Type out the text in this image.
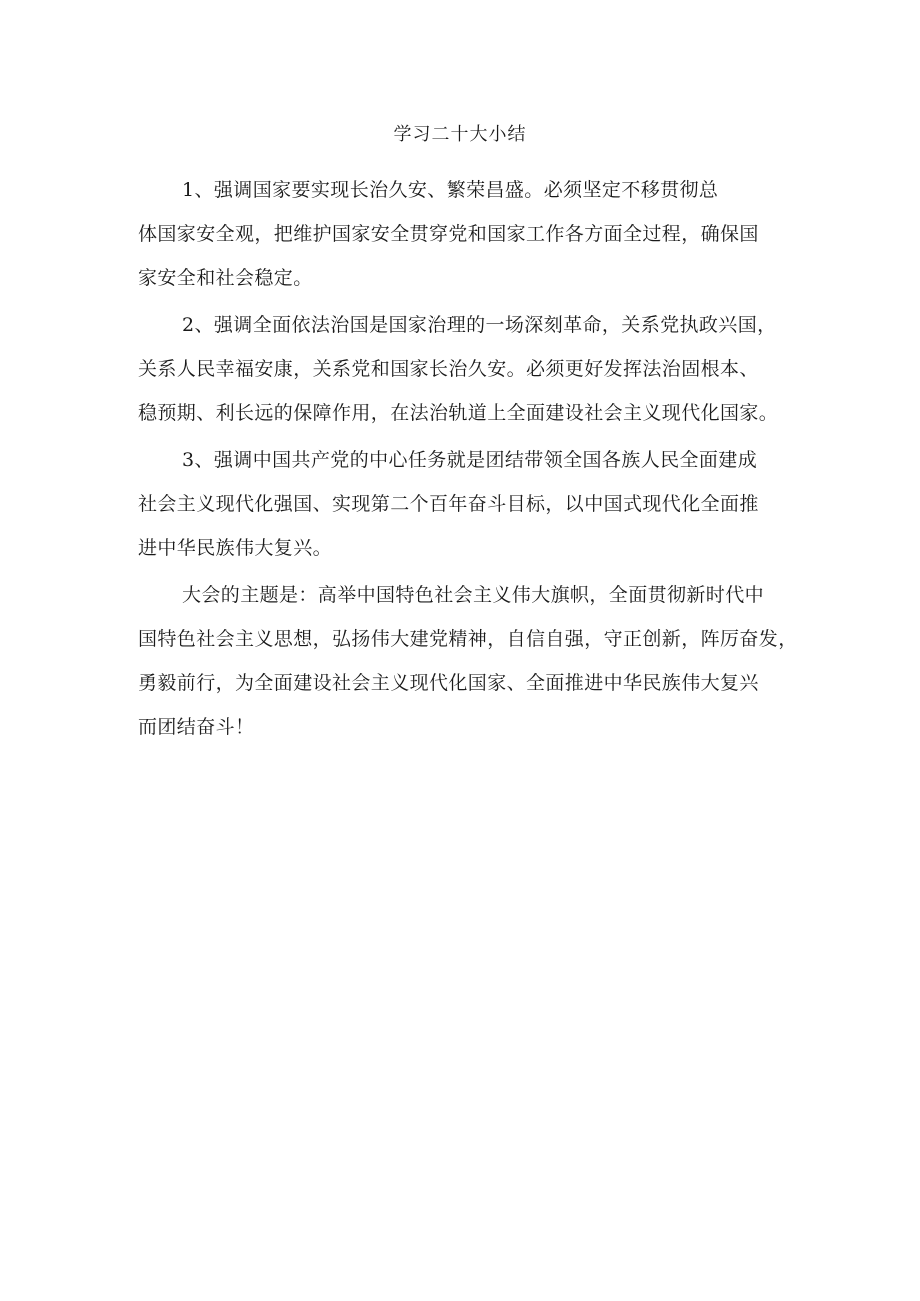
学习二十大小结

1、强调国家要实现长治久安、繁荣昌盛。必须坚定不移贯彻总
体国家安全观，把维护国家安全贯穿党和国家工作各方面全过程，确保国
家安全和社会稳定。

2、强调全面依法治国是国家治理的一场深刻革命，关系党执政兴国，
关系人民幸福安康，关系党和国家长治久安。必须更好发挥法治固根本、
稳预期、利长远的保障作用，在法治轨道上全面建设社会主义现代化国家。

3、强调中国共产党的中心任务就是团结带领全国各族人民全面建成
社会主义现代化强国、实现第二个百年奋斗目标，以中国式现代化全面推
进中华民族伟大复兴。

大会的主题是：高举中国特色社会主义伟大旗帜，全面贯彻新时代中
国特色社会主义思想，弘扬伟大建党精神，自信自强，守正创新，阵厉奋发，
勇毅前行，为全面建设社会主义现代化国家、全面推进中华民族伟大复兴
而团结奋斗！
